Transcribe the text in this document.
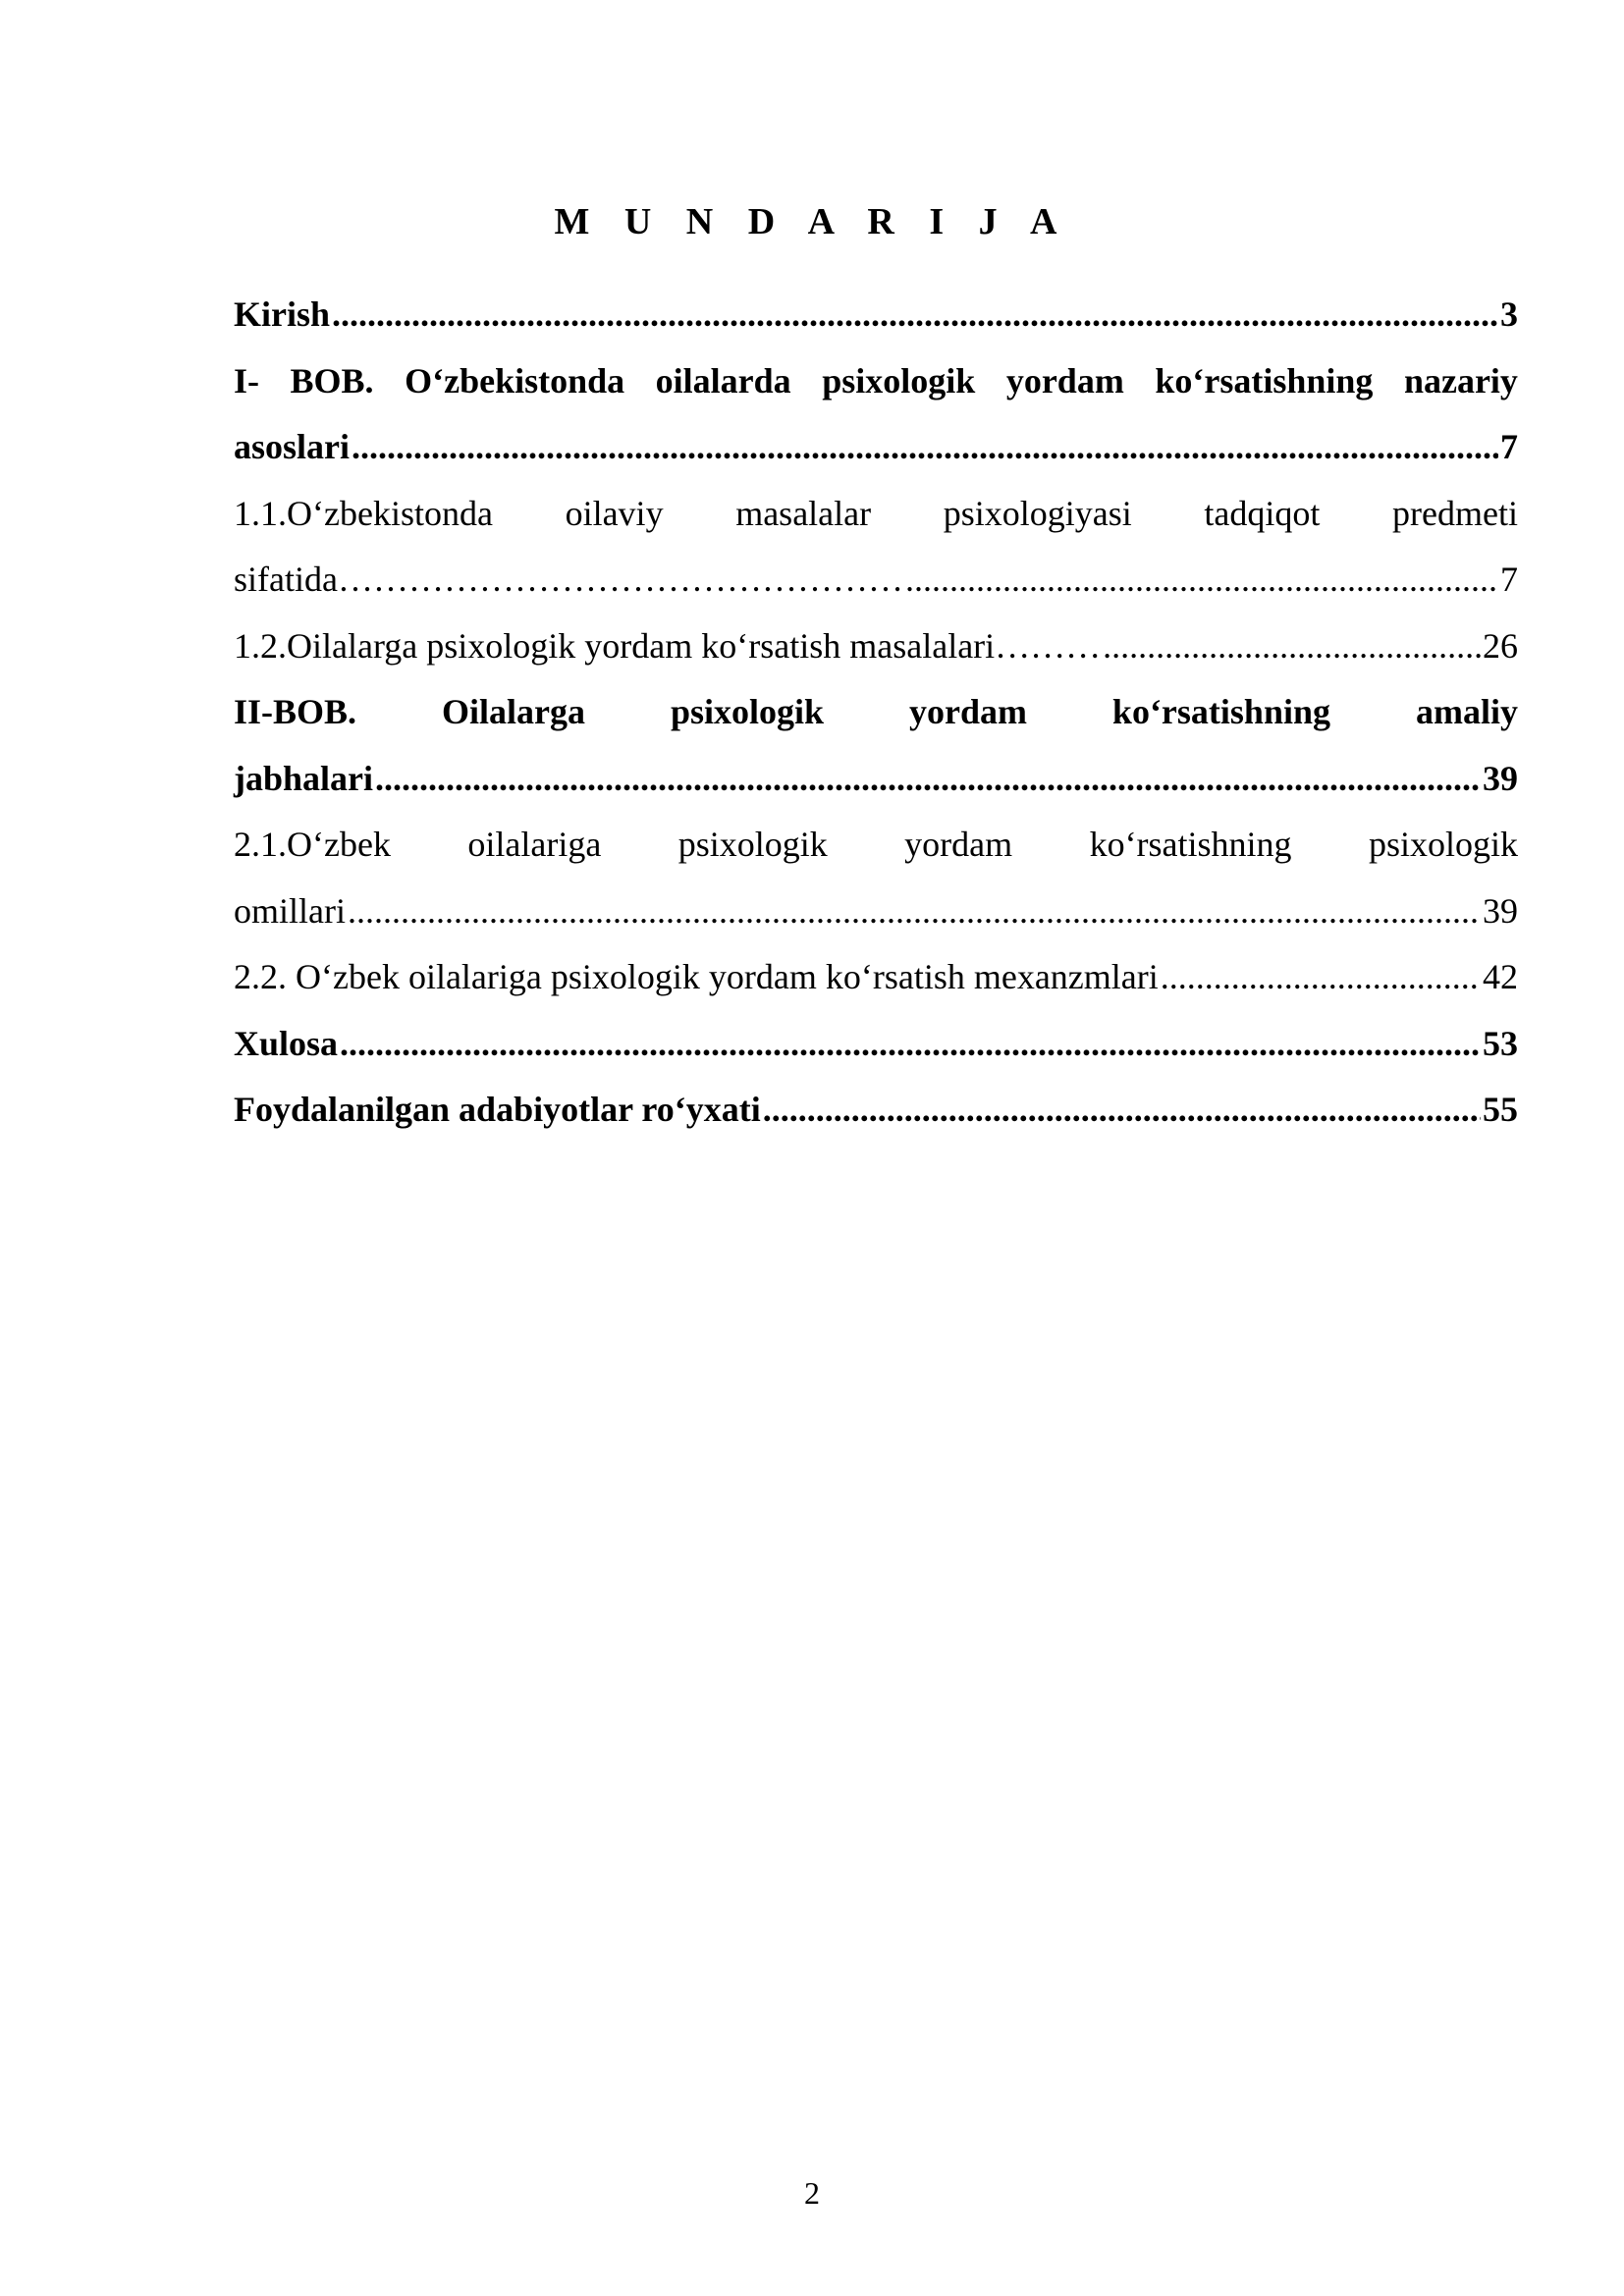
M U N D A R I J A
Kirish .....	3
I- BOB. O‘zbekistonda oilalarda psixologik yordam ko‘rsatishning nazariy
asoslari .....	7
1.1.O‘zbekistonda oilaviy masalalar psixologiyasi tadqiqot predmeti
sifatida ………………………………………… .....	7
1.2.Oilalarga psixologik yordam ko‘rsatish masalalari ……… .....	26
II-BOB. Oilalarga psixologik yordam ko‘rsatishning amaliy
jabhalari .....	39
2.1.O‘zbek oilalariga psixologik yordam ko‘rsatishning psixologik
omillari .....	39
2.2. O‘zbek oilalariga psixologik yordam ko‘rsatish mexanzmlari .....	42
Xulosa .....	53
Foydalanilgan adabiyotlar ro‘yxati .....	55
2
